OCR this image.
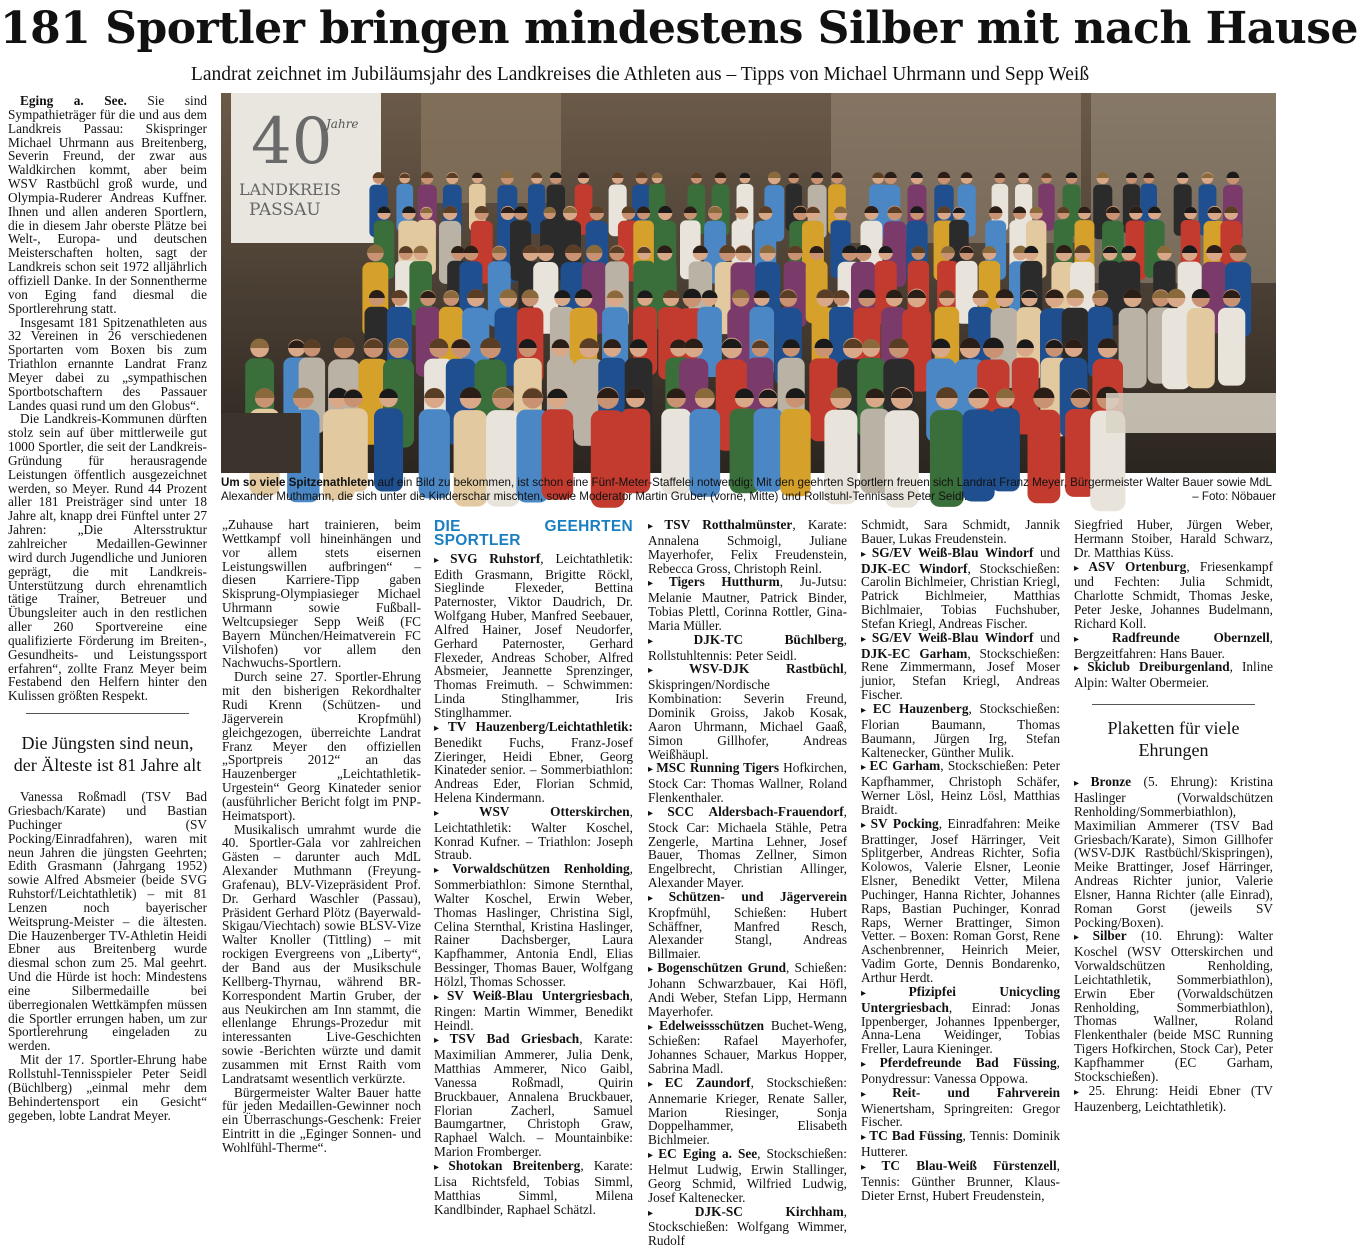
181 Sportler bringen mindestens Silber mit nach Hause
Landrat zeichnet im Jubiläumsjahr des Landkreises die Athleten aus – Tipps von Michael Uhrmann und Sepp Weiß

Eging a. See. Sie sind Sympathieträger für die und aus dem Landkreis Passau: Skispringer Michael Uhrmann aus Breitenberg, Severin Freund, der zwar aus Waldkirchen kommt, aber beim WSV Rastbüchl groß wurde, und Olympia-Ruderer Andreas Kuffner. Ihnen und allen anderen Sportlern, die in diesem Jahr oberste Plätze bei Welt-, Europa- und deutschen Meisterschaften holten, sagt der Landkreis schon seit 1972 alljährlich offiziell Danke. In der Sonnentherme von Eging fand diesmal die Sportlerehrung statt.

Insgesamt 181 Spitzenathleten aus 32 Vereinen in 26 verschiedenen Sportarten vom Boxen bis zum Triathlon ernannte Landrat Franz Meyer dabei zu „sympathischen Sportbotschaftern des Passauer Landes quasi rund um den Globus“.

Die Landkreis-Kommunen dürften stolz sein auf über mittlerweile gut 1000 Sportler, die seit der Landkreis-Gründung für herausragende Leistungen öffentlich ausgezeichnet werden, so Meyer. Rund 44 Prozent aller 181 Preisträger sind unter 18 Jahre alt, knapp drei Fünftel unter 27 Jahren: „Die Altersstruktur zahlreicher Medaillen-Gewinner wird durch Jugendliche und Junioren geprägt, die mit Landkreis-Unterstützung durch ehrenamtlich tätige Trainer, Betreuer und Übungsleiter auch in den restlichen aller 260 Sportvereine eine qualifizierte Förderung im Breiten-, Gesundheits- und Leistungssport erfahren“, zollte Franz Meyer beim Festabend den Helfern hinter den Kulissen größten Respekt.

Die Jüngsten sind neun, der Älteste ist 81 Jahre alt

Vanessa Roßmadl (TSV Bad Griesbach/Karate) und Bastian Puchinger (SV Pocking/Einradfahren), waren mit neun Jahren die jüngsten Geehrten; Edith Grasmann (Jahrgang 1952) sowie Alfred Absmeier (beide SVG Ruhstorf/Leichtathletik) – mit 81 Lenzen noch bayerischer Weitsprung-Meister – die ältesten. Die Hauzenberger TV-Athletin Heidi Ebner aus Breitenberg wurde diesmal schon zum 25. Mal geehrt. Und die Hürde ist hoch: Mindestens eine Silbermedaille bei überregionalen Wettkämpfen müssen die Sportler errungen haben, um zur Sportlerehrung eingeladen zu werden.

Mit der 17. Sportler-Ehrung habe Rollstuhl-Tennisspieler Peter Seidl (Büchlberg) „einmal mehr dem Behindertensport ein Gesicht“ gegeben, lobte Landrat Meyer.

40
Jahre
LANDKREIS
PASSAU
Um so viele Spitzenathleten auf ein Bild zu bekommen, ist schon eine Fünf-Meter-Staffelei notwendig: Mit den geehrten Sportlern freuen sich Landrat Franz Meyer, Bürgermeister Walter Bauer sowie MdL Alexander Muthmann, die sich unter die Kinderschar mischten, sowie Moderator Martin Gruber (vorne, Mitte) und Rollstuhl-Tennisass Peter Seidl.	– Foto: Nöbauer

„Zuhause hart trainieren, beim Wettkampf voll hineinhängen und vor allem stets eisernen Leistungswillen aufbringen“ – diesen Karriere-Tipp gaben Skisprung-Olympiasieger Michael Uhrmann sowie Fußball-Weltcupsieger Sepp Weiß (FC Bayern München/Heimatverein FC Vilshofen) vor allem den Nachwuchs-Sportlern.

Durch seine 27. Sportler-Ehrung mit den bisherigen Rekordhalter Rudi Krenn (Schützen- und Jägerverein Kropfmühl) gleichgezogen, überreichte Landrat Franz Meyer den offiziellen „Sportpreis 2012“ an das Hauzenberger „Leichtathletik-Urgestein“ Georg Kinateder senior (ausführlicher Bericht folgt im PNP-Heimatsport).

Musikalisch umrahmt wurde die 40. Sportler-Gala vor zahlreichen Gästen – darunter auch MdL Alexander Muthmann (Freyung-Grafenau), BLV-Vizepräsident Prof. Dr. Gerhard Waschler (Passau), Präsident Gerhard Plötz (Bayerwald-Skigau/Viechtach) sowie BLSV-Vize Walter Knoller (Tittling) – mit rockigen Evergreens von „Liberty“, der Band aus der Musikschule Kellberg-Thyrnau, während BR-Korrespondent Martin Gruber, der aus Neukirchen am Inn stammt, die ellenlange Ehrungs-Prozedur mit interessanten Live-Geschichten sowie -Berichten würzte und damit zusammen mit Ernst Raith vom Landratsamt wesentlich verkürzte.

Bürgermeister Walter Bauer hatte für jeden Medaillen-Gewinner noch ein Überraschungs-Geschenk: Freier Eintritt in die „Eginger Sonnen- und Wohlfühl-Therme“.

DIE GEEHRTEN SPORTLER

▸ SVG Ruhstorf, Leichtathletik: Edith Grasmann, Brigitte Röckl, Sieglinde Flexeder, Bettina Paternoster, Viktor Daudrich, Dr. Wolfgang Huber, Manfred Seebauer, Alfred Hainer, Josef Neudorfer, Gerhard Paternoster, Gerhard Flexeder, Andreas Schober, Alfred Absmeier, Jeannette Sprenzinger, Thomas Freimuth. – Schwimmen: Linda Stinglhammer, Iris Stinglhammer.

▸ TV Hauzenberg/Leichtathletik: Benedikt Fuchs, Franz-Josef Zieringer, Heidi Ebner, Georg Kinateder senior. – Sommerbiathlon: Andreas Eder, Florian Schmid, Helena Kindermann.

▸ WSV Otterskirchen, Leichtathletik: Walter Koschel, Konrad Kufner. – Triathlon: Joseph Straub.

▸ Vorwaldschützen Renholding, Sommerbiathlon: Simone Sternthal, Walter Koschel, Erwin Weber, Thomas Haslinger, Christina Sigl, Celina Sternthal, Kristina Haslinger, Rainer Dachsberger, Laura Kapfhammer, Antonia Endl, Elias Bessinger, Thomas Bauer, Wolfgang Hölzl, Thomas Schosser.

▸ SV Weiß-Blau Untergriesbach, Ringen: Martin Wimmer, Benedikt Heindl.

▸ TSV Bad Griesbach, Karate: Maximilian Ammerer, Julia Denk, Matthias Ammerer, Nico Gaibl, Vanessa Roßmadl, Quirin Bruckbauer, Annalena Bruckbauer, Florian Zacherl, Samuel Baumgartner, Christoph Graw, Raphael Walch. – Mountainbike: Marion Fromberger.

▸ Shotokan Breitenberg, Karate: Lisa Richtsfeld, Tobias Simml, Matthias Simml, Milena Kandlbinder, Raphael Schätzl.

▸ TSV Rotthalmünster, Karate: Annalena Schmoigl, Juliane Mayerhofer, Felix Freudenstein, Rebecca Gross, Christoph Reinl.

▸ Tigers Hutthurm, Ju-Jutsu: Melanie Mautner, Patrick Binder, Tobias Plettl, Corinna Rottler, Gina-Maria Müller.

▸ DJK-TC Büchlberg, Rollstuhltennis: Peter Seidl.

▸ WSV-DJK Rastbüchl, Skispringen/Nordische Kombination: Severin Freund, Dominik Groiss, Jakob Kosak, Aaron Uhrmann, Michael Gaaß, Simon Gillhofer, Andreas Weißhäupl.

▸ MSC Running Tigers Hofkirchen, Stock Car: Thomas Wallner, Roland Flenkenthaler.

▸ SCC Aldersbach-Frauendorf, Stock Car: Michaela Stähle, Petra Zengerle, Martina Lehner, Josef Bauer, Thomas Zellner, Simon Engelbrecht, Christian Allinger, Alexander Mayer.

▸ Schützen- und Jägerverein Kropfmühl, Schießen: Hubert Schäffner, Manfred Resch, Alexander Stangl, Andreas Billmaier.

▸ Bogenschützen Grund, Schießen: Johann Schwarzbauer, Kai Höfl, Andi Weber, Stefan Lipp, Hermann Mayerhofer.

▸ Edelweissschützen Buchet-Weng, Schießen: Rafael Mayerhofer, Johannes Schauer, Markus Hopper, Sabrina Madl.

▸ EC Zaundorf, Stockschießen: Annemarie Krieger, Renate Saller, Marion Riesinger, Sonja Doppelhammer, Elisabeth Bichlmeier.

▸ EC Eging a. See, Stockschießen: Helmut Ludwig, Erwin Stallinger, Georg Schmid, Wilfried Ludwig, Josef Kaltenecker.

▸ DJK-SC Kirchham, Stockschießen: Wolfgang Wimmer, Rudolf

Schmidt, Sara Schmidt, Jannik Bauer, Lukas Freudenstein.

▸ SG/EV Weiß-Blau Windorf und DJK-EC Windorf, Stockschießen: Carolin Bichlmeier, Christian Kriegl, Patrick Bichlmeier, Matthias Bichlmaier, Tobias Fuchshuber, Stefan Kriegl, Andreas Fischer.

▸ SG/EV Weiß-Blau Windorf und DJK-EC Garham, Stockschießen: Rene Zimmermann, Josef Moser junior, Stefan Kriegl, Andreas Fischer.

▸ EC Hauzenberg, Stockschießen: Florian Baumann, Thomas Baumann, Jürgen Irg, Stefan Kaltenecker, Günther Mulik.

▸ EC Garham, Stockschießen: Peter Kapfhammer, Christoph Schäfer, Werner Lösl, Heinz Lösl, Matthias Braidt.

▸ SV Pocking, Einradfahren: Meike Brattinger, Josef Härringer, Veit Splitgerber, Andreas Richter, Sofia Kolowos, Valerie Elsner, Leonie Elsner, Benedikt Vetter, Milena Puchinger, Hanna Richter, Johannes Raps, Bastian Puchinger, Konrad Raps, Werner Brattinger, Simon Vetter. – Boxen: Roman Gorst, Rene Aschenbrenner, Heinrich Meier, Vadim Gorte, Dennis Bondarenko, Arthur Herdt.

▸ Pfizipfei Unicycling Untergriesbach, Einrad: Jonas Ippenberger, Johannes Ippenberger, Anna-Lena Weidinger, Tobias Freller, Laura Kieninger.

▸ Pferdefreunde Bad Füssing, Ponydressur: Vanessa Oppowa.

▸ Reit- und Fahrverein Wienertsham, Springreiten: Gregor Fischer.

▸ TC Bad Füssing, Tennis: Dominik Hutterer.

▸ TC Blau-Weiß Fürstenzell, Tennis: Günther Brunner, Klaus-Dieter Ernst, Hubert Freudenstein,

Siegfried Huber, Jürgen Weber, Hermann Stoiber, Harald Schwarz, Dr. Matthias Küss.

▸ ASV Ortenburg, Friesenkampf und Fechten: Julia Schmidt, Charlotte Schmidt, Thomas Jeske, Peter Jeske, Johannes Budelmann, Richard Koll.

▸ Radfreunde Obernzell, Bergzeitfahren: Hans Bauer.

▸ Skiclub Dreiburgenland, Inline Alpin: Walter Obermeier.

Plaketten für viele Ehrungen

▸ Bronze (5. Ehrung): Kristina Haslinger (Vorwaldschützen Renholding/Sommerbiathlon), Maximilian Ammerer (TSV Bad Griesbach/Karate), Simon Gillhofer (WSV-DJK Rastbüchl/Skispringen), Meike Brattinger, Josef Härringer, Andreas Richter junior, Valerie Elsner, Hanna Richter (alle Einrad), Roman Gorst (jeweils SV Pocking/Boxen).

▸ Silber (10. Ehrung): Walter Koschel (WSV Otterskirchen und Vorwaldschützen Renholding, Leichtathletik, Sommerbiathlon), Erwin Eber (Vorwaldschützen Renholding, Sommerbiathlon), Thomas Wallner, Roland Flenkenthaler (beide MSC Running Tigers Hofkirchen, Stock Car), Peter Kapfhammer (EC Garham, Stockschießen).

▸ 25. Ehrung: Heidi Ebner (TV Hauzenberg, Leichtathletik).
